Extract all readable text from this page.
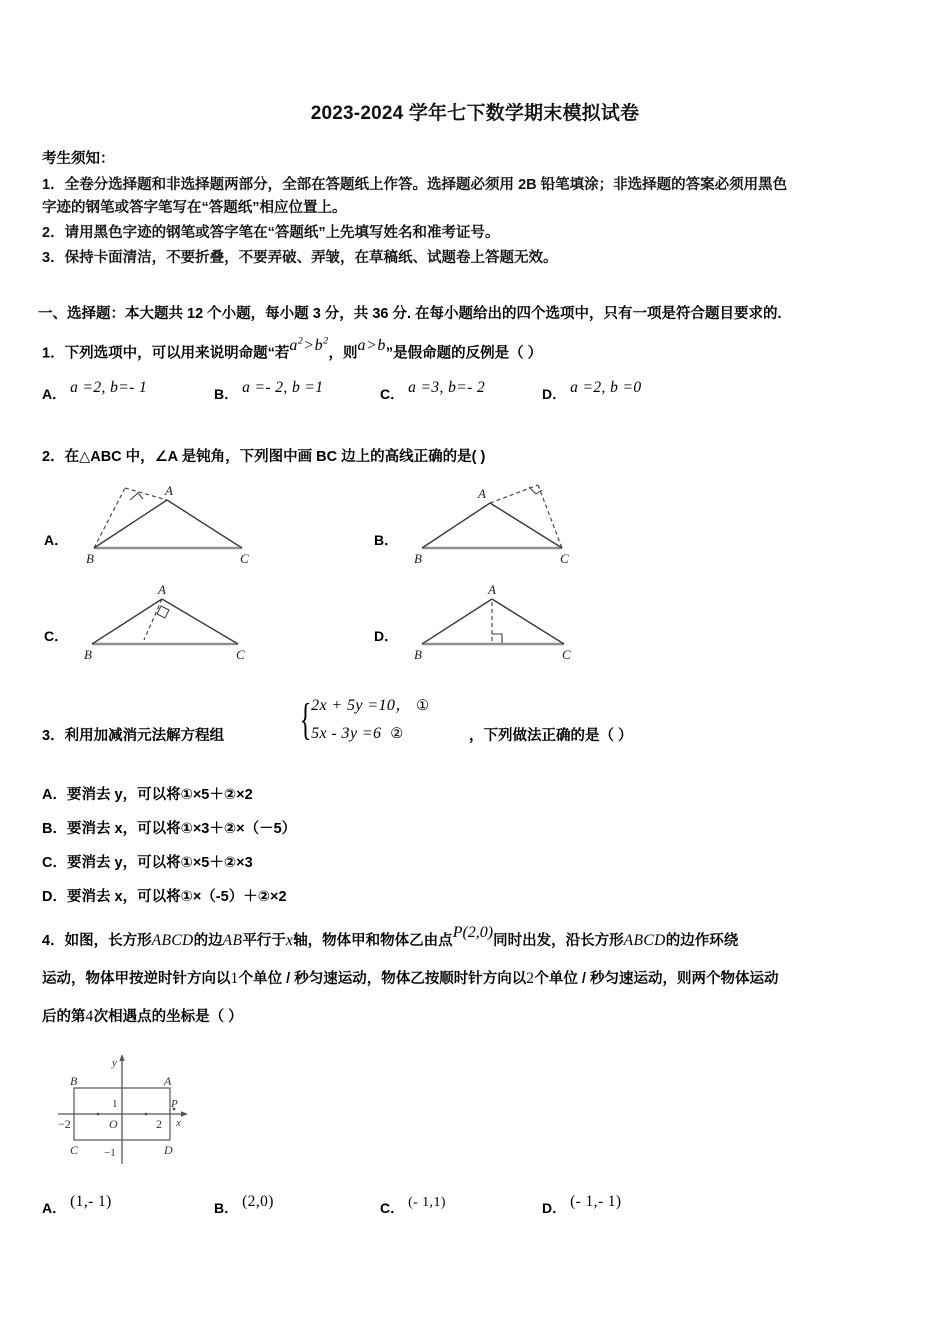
2023-2024 学年七下数学期末模拟试卷
考生须知：
1．全卷分选择题和非选择题两部分，全部在答题纸上作答。选择题必须用 2B 铅笔填涂；非选择题的答案必须用黑色
字迹的钢笔或答字笔写在“答题纸”相应位置上。
2．请用黑色字迹的钢笔或答字笔在“答题纸”上先填写姓名和准考证号。
3．保持卡面清洁，不要折叠，不要弄破、弄皱，在草稿纸、试题卷上答题无效。
一、选择题：本大题共 12 个小题，每小题 3 分，共 36 分. 在每小题给出的四个选项中，只有一项是符合题目要求的.
1．下列选项中，可以用来说明命题“若$a^2>b^2$，则a>b”是假命题的反例是（ ）
A． a =2, b=- 1	B． a =- 2, b =1	C． a =3, b=- 2	D． a =2, b =0
2．在△ABC 中，∠A 是钝角，下列图中画 BC 边上的高线正确的是( )
A．
A
B	C
B．
A
B	C
C．
A
B	C
D．
A
B	C
3．利用加减消元法解方程组 { 2x + 5y =10， ①
5x - 3y =6 ②	，下列做法正确的是（ ）
A．要消去 y，可以将①×5＋②×2
B．要消去 x，可以将①×3＋②×（－5）
C．要消去 y，可以将①×5＋②×3
D．要消去 x，可以将①×（-5）＋②×2
4．如图，长方形ABCD的边AB平行于x轴，物体甲和物体乙由点P(2,0)同时出发，沿长方形ABCD的边作环绕
运动，物体甲按逆时针方向以1个单位 / 秒匀速运动，物体乙按顺时针方向以2个单位 / 秒匀速运动，则两个物体运动
后的第4次相遇点的坐标是（ ）
y
x
O
1
−1
−2	2
B	A
C	D
P
A． (1,- 1)	B． (2,0)	C． (- 1,1)	D． (- 1,- 1)
